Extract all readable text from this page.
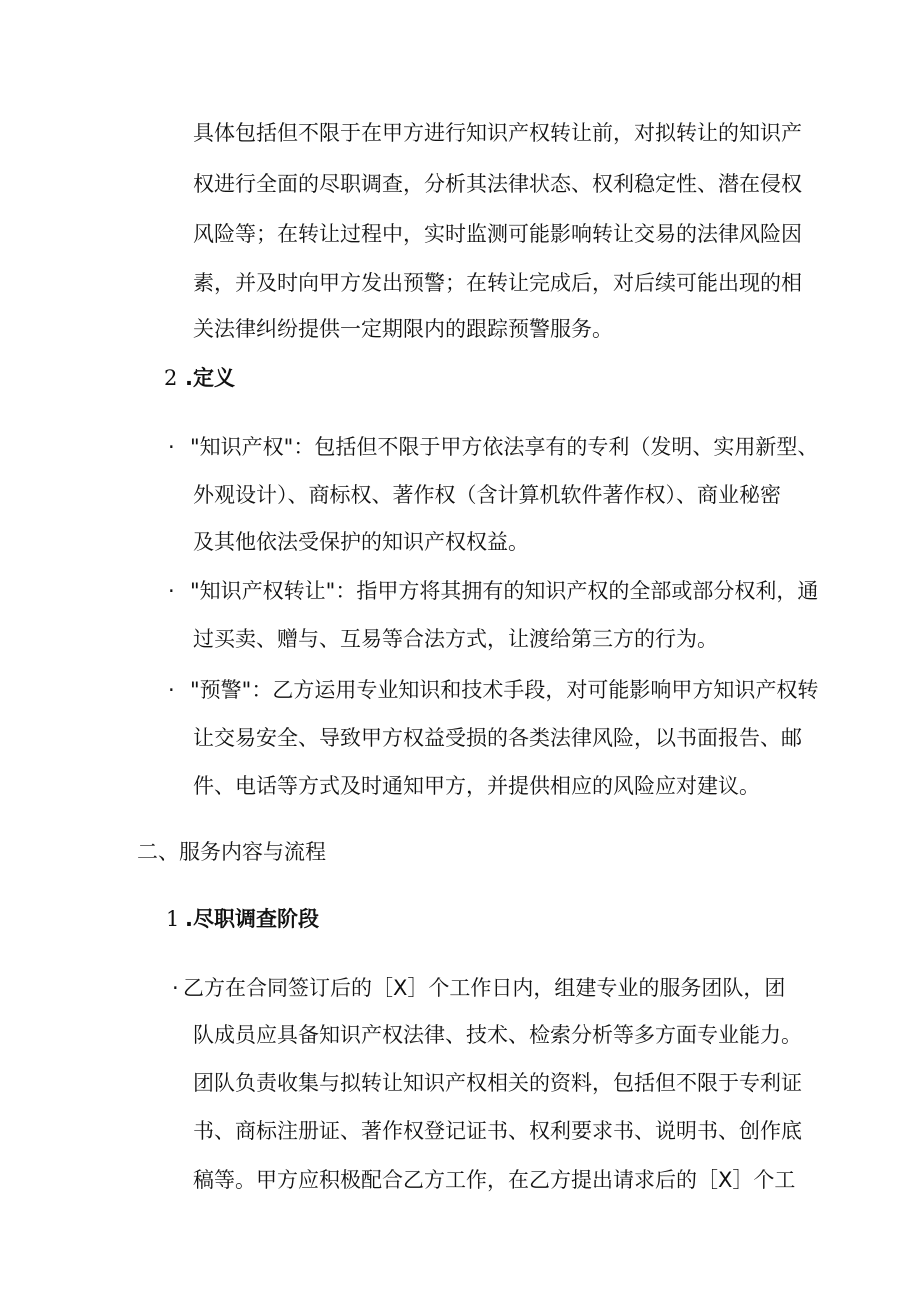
具体包括但不限于在甲方进行知识产权转让前，对拟转让的知识产
权进行全面的尽职调查，分析其法律状态、权利稳定性、潜在侵权
风险等；在转让过程中，实时监测可能影响转让交易的法律风险因
素，并及时向甲方发出预警；在转让完成后，对后续可能出现的相
关法律纠纷提供一定期限内的跟踪预警服务。
2 .定义
· "知识产权"：包括但不限于甲方依法享有的专利（发明、实用新型、
外观设计）、商标权、著作权（含计算机软件著作权）、商业秘密
及其他依法受保护的知识产权权益。
· "知识产权转让"：指甲方将其拥有的知识产权的全部或部分权利，通
过买卖、赠与、互易等合法方式，让渡给第三方的行为。
· "预警"：乙方运用专业知识和技术手段，对可能影响甲方知识产权转
让交易安全、导致甲方权益受损的各类法律风险，以书面报告、邮
件、电话等方式及时通知甲方，并提供相应的风险应对建议。
二、服务内容与流程
1 .尽职调查阶段
· 乙方在合同签订后的［X］个工作日内，组建专业的服务团队，团
队成员应具备知识产权法律、技术、检索分析等多方面专业能力。
团队负责收集与拟转让知识产权相关的资料，包括但不限于专利证
书、商标注册证、著作权登记证书、权利要求书、说明书、创作底
稿等。甲方应积极配合乙方工作，在乙方提出请求后的［X］个工
